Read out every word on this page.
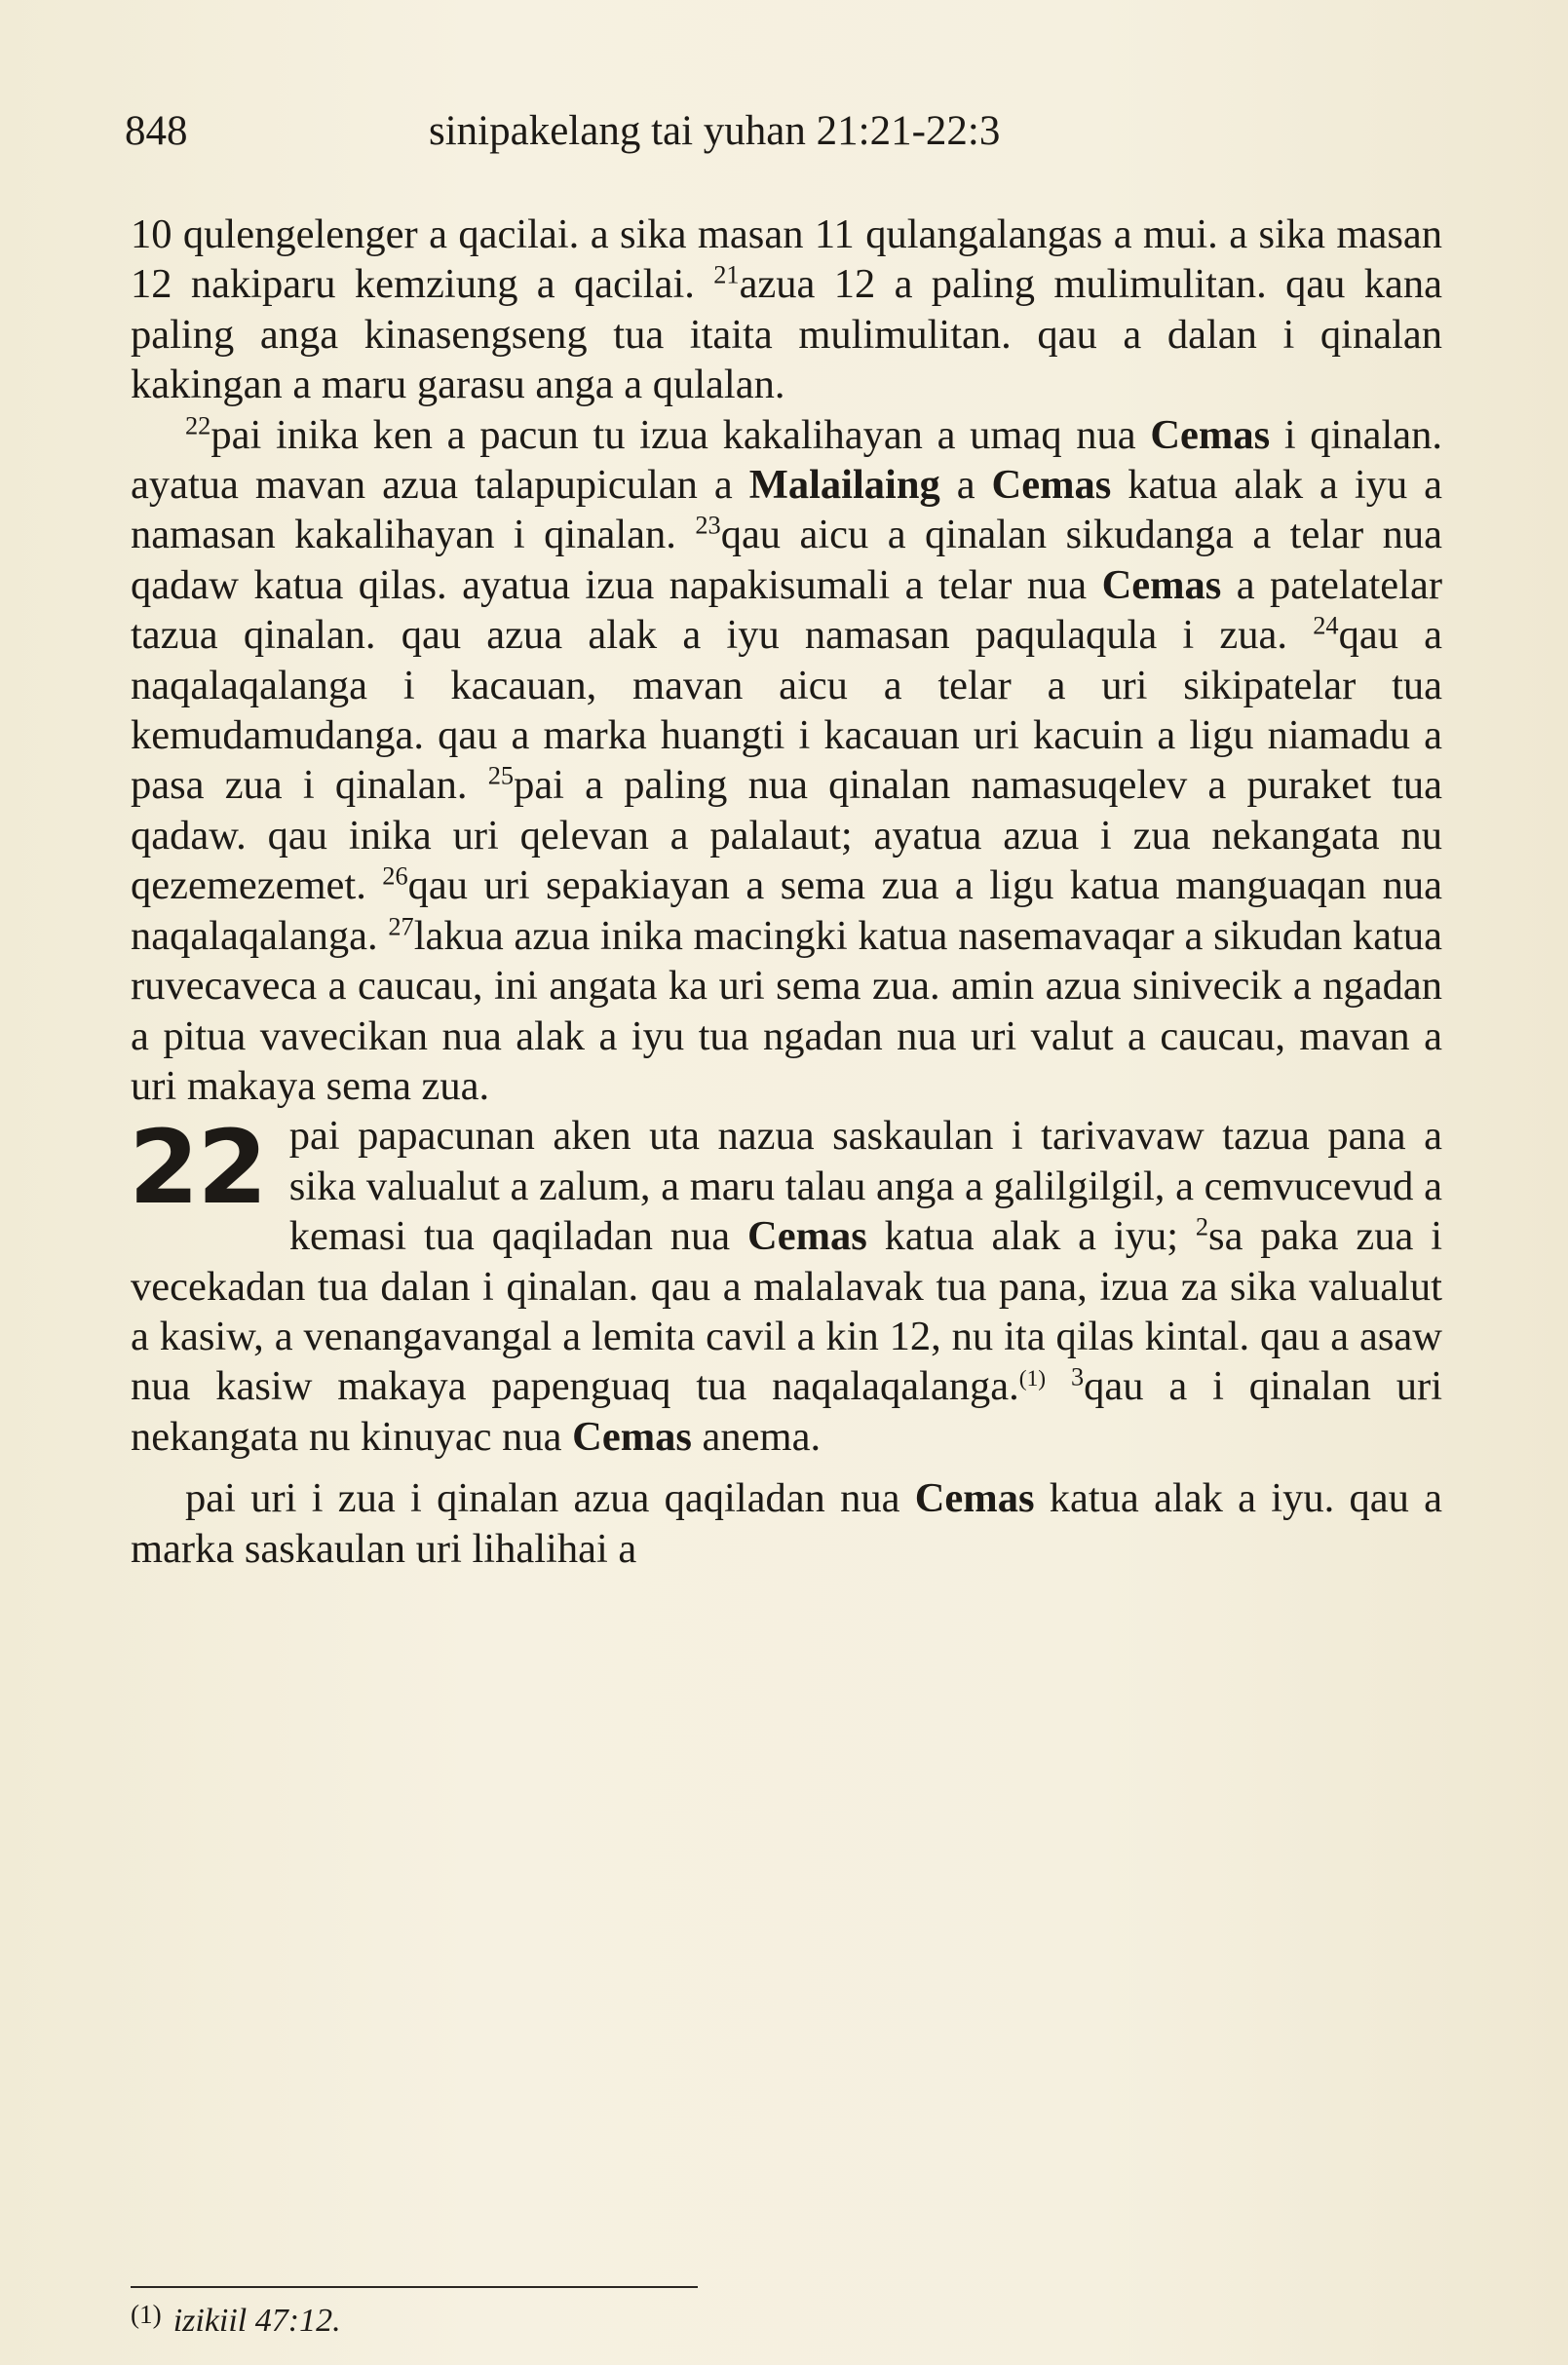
848	sinipakelang tai yuhan 21:21-22:3

10 qulengelenger a qacilai. a sika masan 11 qulangalangas a mui. a sika masan 12 nakiparu kemziung a qacilai. $^{21}$azua 12 a paling mulimulitan. qau kana paling anga kinasengseng tua itaita mulimulitan. qau a dalan i qinalan kakingan a maru garasu anga a qulalan.

$^{22}$pai inika ken a pacun tu izua kakalihayan a umaq nua Cemas i qinalan. ayatua mavan azua talapupiculan a Malailaing a Cemas katua alak a iyu a namasan kakalihayan i qinalan. $^{23}$qau aicu a qinalan sikudanga a telar nua qadaw katua qilas. ayatua izua napakisumali a telar nua Cemas a patelatelar tazua qinalan. qau azua alak a iyu namasan paqulaqula i zua. $^{24}$qau a naqalaqalanga i kacauan, mavan aicu a telar a uri sikipatelar tua kemudamudanga. qau a marka huangti i kacauan uri kacuin a ligu niamadu a pasa zua i qinalan. $^{25}$pai a paling nua qinalan namasuqelev a puraket tua qadaw. qau inika uri qelevan a palalaut; ayatua azua i zua nekangata nu qezemezemet. $^{26}$qau uri sepakiayan a sema zua a ligu katua manguaqan nua naqalaqalanga. $^{27}$lakua azua inika macingki katua nasemavaqar a sikudan katua ruvecaveca a caucau, ini angata ka uri sema zua. amin azua sinivecik a ngadan a pitua vavecikan nua alak a iyu tua ngadan nua uri valut a caucau, mavan a uri makaya sema zua.

22 pai papacunan aken uta nazua saskaulan i tarivavaw tazua pana a sika valualut a zalum, a maru talau anga a galilgilgil, a cemvucevud a kemasi tua qaqiladan nua Cemas katua alak a iyu; $^2$sa paka zua i vecekadan tua dalan i qinalan. qau a malalavak tua pana, izua za sika valualut a kasiw, a venangavangal a lemita cavil a kin 12, nu ita qilas kintal. qau a asaw nua kasiw makaya papenguaq tua naqalaqalanga.$^{(1)}$ $^3$qau a i qinalan uri nekangata nu kinuyac nua Cemas anema.

pai uri i zua i qinalan azua qaqiladan nua Cemas katua alak a iyu. qau a marka saskaulan uri lihalihai a

$^{(1)}$ izikiil 47:12.
